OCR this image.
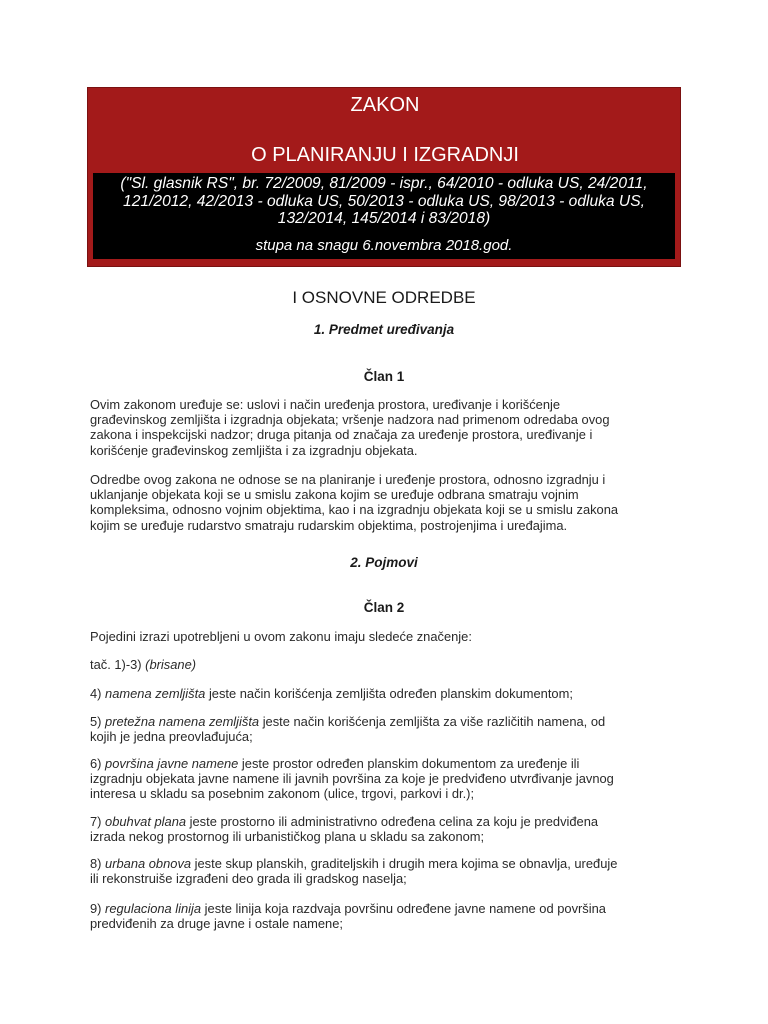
ZAKON
O PLANIRANJU I IZGRADNJI
("Sl. glasnik RS", br. 72/2009, 81/2009 - ispr., 64/2010 - odluka US, 24/2011,
121/2012, 42/2013 - odluka US, 50/2013 - odluka US, 98/2013 - odluka US,
132/2014, 145/2014 i 83/2018)
stupa na snagu 6.novembra 2018.god.
I OSNOVNE ODREDBE
1. Predmet uređivanja
Član 1
Ovim zakonom uređuje se: uslovi i način uređenja prostora, uređivanje i korišćenje
građevinskog zemljišta i izgradnja objekata; vršenje nadzora nad primenom odredaba ovog
zakona i inspekcijski nadzor; druga pitanja od značaja za uređenje prostora, uređivanje i
korišćenje građevinskog zemljišta i za izgradnju objekata.
Odredbe ovog zakona ne odnose se na planiranje i uređenje prostora, odnosno izgradnju i
uklanjanje objekata koji se u smislu zakona kojim se uređuje odbrana smatraju vojnim
kompleksima, odnosno vojnim objektima, kao i na izgradnju objekata koji se u smislu zakona
kojim se uređuje rudarstvo smatraju rudarskim objektima, postrojenjima i uređajima.
2. Pojmovi
Član 2
Pojedini izrazi upotrebljeni u ovom zakonu imaju sledeće značenje:
tač. 1)-3) (brisane)
4) namena zemljišta jeste način korišćenja zemljišta određen planskim dokumentom;
5) pretežna namena zemljišta jeste način korišćenja zemljišta za više različitih namena, od
kojih je jedna preovlađujuća;
6) površina javne namene jeste prostor određen planskim dokumentom za uređenje ili
izgradnju objekata javne namene ili javnih površina za koje je predviđeno utvrđivanje javnog
interesa u skladu sa posebnim zakonom (ulice, trgovi, parkovi i dr.);
7) obuhvat plana jeste prostorno ili administrativno određena celina za koju je predviđena
izrada nekog prostornog ili urbanističkog plana u skladu sa zakonom;
8) urbana obnova jeste skup planskih, graditeljskih i drugih mera kojima se obnavlja, uređuje
ili rekonstruiše izgrađeni deo grada ili gradskog naselja;
9) regulaciona linija jeste linija koja razdvaja površinu određene javne namene od površina
predviđenih za druge javne i ostale namene;
